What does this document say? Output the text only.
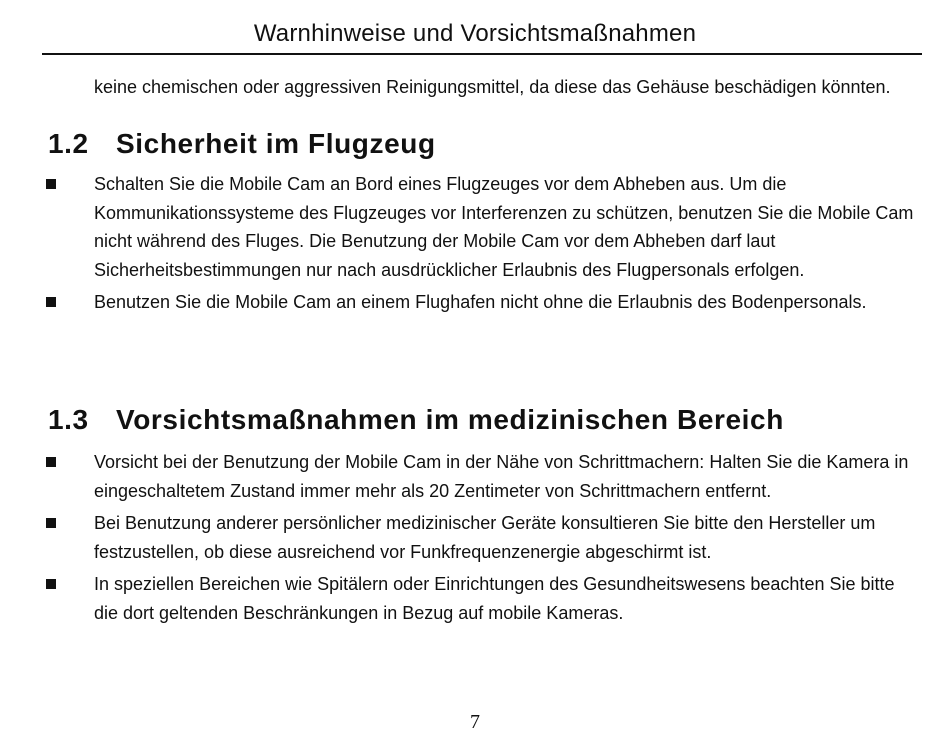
Warnhinweise und Vorsichtsmaßnahmen
keine chemischen oder aggressiven Reinigungsmittel, da diese das Gehäuse beschädigen könnten.
1.2 Sicherheit im Flugzeug
Schalten Sie die Mobile Cam an Bord eines Flugzeuges vor dem Abheben aus. Um die Kommunikationssysteme des Flugzeuges vor Interferenzen zu schützen, benutzen Sie die Mobile Cam nicht während des Fluges. Die Benutzung der Mobile Cam vor dem Abheben darf laut Sicherheitsbestimmungen nur nach ausdrücklicher Erlaubnis des Flugpersonals erfolgen.
Benutzen Sie die Mobile Cam an einem Flughafen nicht ohne die Erlaubnis des Bodenpersonals.
1.3 Vorsichtsmaßnahmen im medizinischen Bereich
Vorsicht bei der Benutzung der Mobile Cam in der Nähe von Schrittmachern: Halten Sie die Kamera in eingeschaltetem Zustand immer mehr als 20 Zentimeter von Schrittmachern entfernt.
Bei Benutzung anderer persönlicher medizinischer Geräte konsultieren Sie bitte den Hersteller um festzustellen, ob diese ausreichend vor Funkfrequenzenergie abgeschirmt ist.
In speziellen Bereichen wie Spitälern oder Einrichtungen des Gesundheitswesens beachten Sie bitte die dort geltenden Beschränkungen in Bezug auf mobile Kameras.
7
